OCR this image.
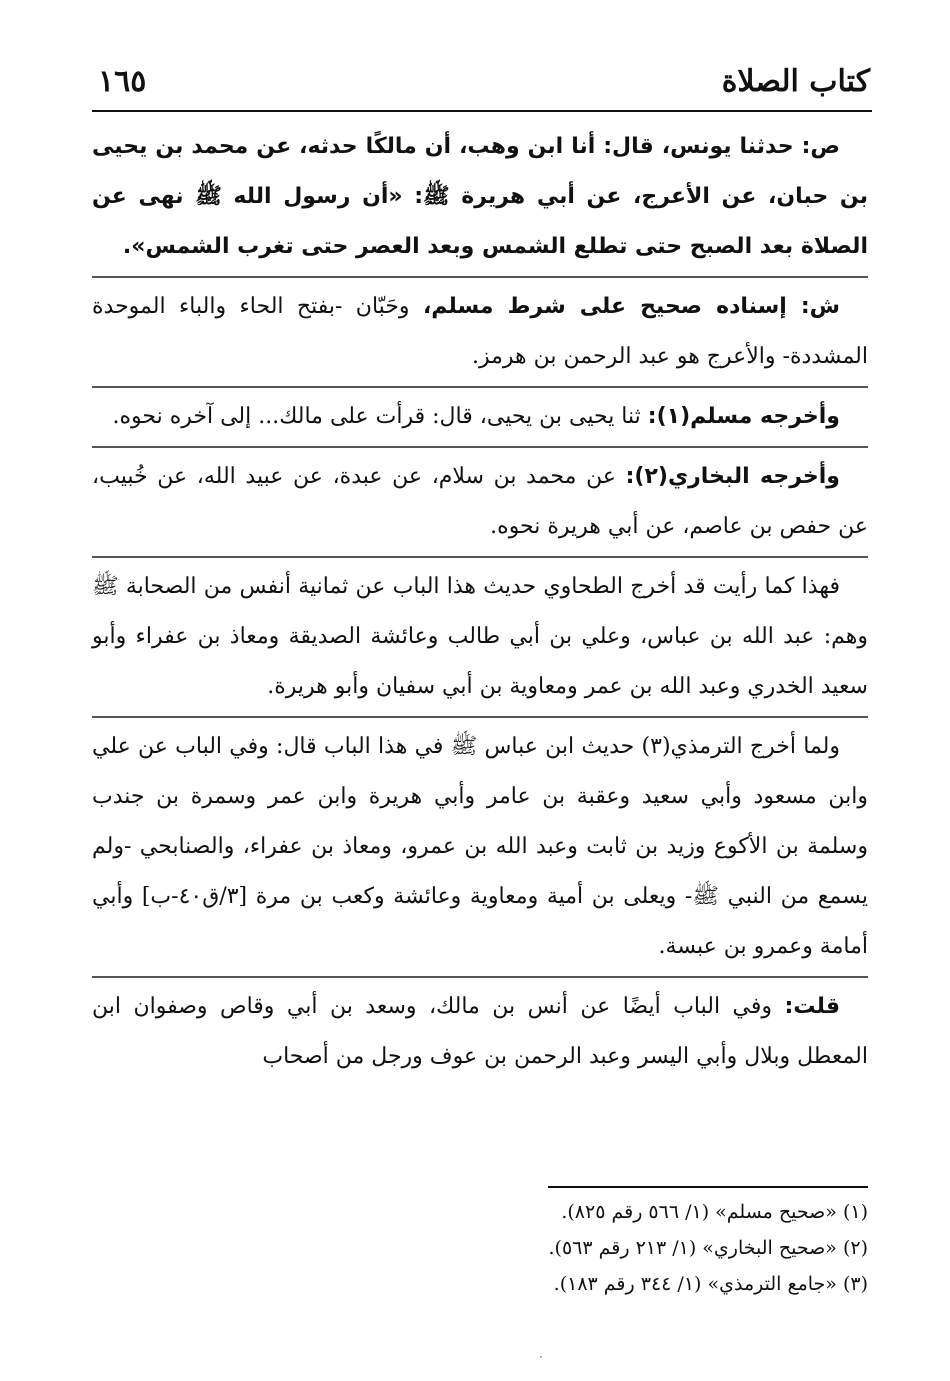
كتاب الصلاة
١٦٥

ص: حدثنا يونس، قال: أنا ابن وهب، أن مالكًا حدثه، عن محمد بن يحيى بن حبان، عن الأعرج، عن أبي هريرة ﷺ: «أن رسول الله ﷺ نهى عن الصلاة بعد الصبح حتى تطلع الشمس وبعد العصر حتى تغرب الشمس».

ش: إسناده صحيح على شرط مسلم، وحَبّان -بفتح الحاء والباء الموحدة المشددة- والأعرج هو عبد الرحمن بن هرمز.

وأخرجه مسلم(١): ثنا يحيى بن يحيى، قال: قرأت على مالك... إلى آخره نحوه.

وأخرجه البخاري(٢): عن محمد بن سلام، عن عبدة، عن عبيد الله، عن خُبيب، عن حفص بن عاصم، عن أبي هريرة نحوه.

فهذا كما رأيت قد أخرج الطحاوي حديث هذا الباب عن ثمانية أنفس من الصحابة ﷺ وهم: عبد الله بن عباس، وعلي بن أبي طالب وعائشة الصديقة ومعاذ بن عفراء وأبو سعيد الخدري وعبد الله بن عمر ومعاوية بن أبي سفيان وأبو هريرة.

ولما أخرج الترمذي(٣) حديث ابن عباس ﷺ في هذا الباب قال: وفي الباب عن علي وابن مسعود وأبي سعيد وعقبة بن عامر وأبي هريرة وابن عمر وسمرة بن جندب وسلمة بن الأكوع وزيد بن ثابت وعبد الله بن عمرو، ومعاذ بن عفراء، والصنابحي -ولم يسمع من النبي ﷺ- ويعلى بن أمية ومعاوية وعائشة وكعب بن مرة [٣/ق٤٠-ب] وأبي أمامة وعمرو بن عبسة.

قلت: وفي الباب أيضًا عن أنس بن مالك، وسعد بن أبي وقاص وصفوان ابن المعطل وبلال وأبي اليسر وعبد الرحمن بن عوف ورجل من أصحاب

(١) «صحيح مسلم» (١/ ٥٦٦ رقم ٨٢٥).

(٢) «صحيح البخاري» (١/ ٢١٣ رقم ٥٦٣).

(٣) «جامع الترمذي» (١/ ٣٤٤ رقم ١٨٣).
